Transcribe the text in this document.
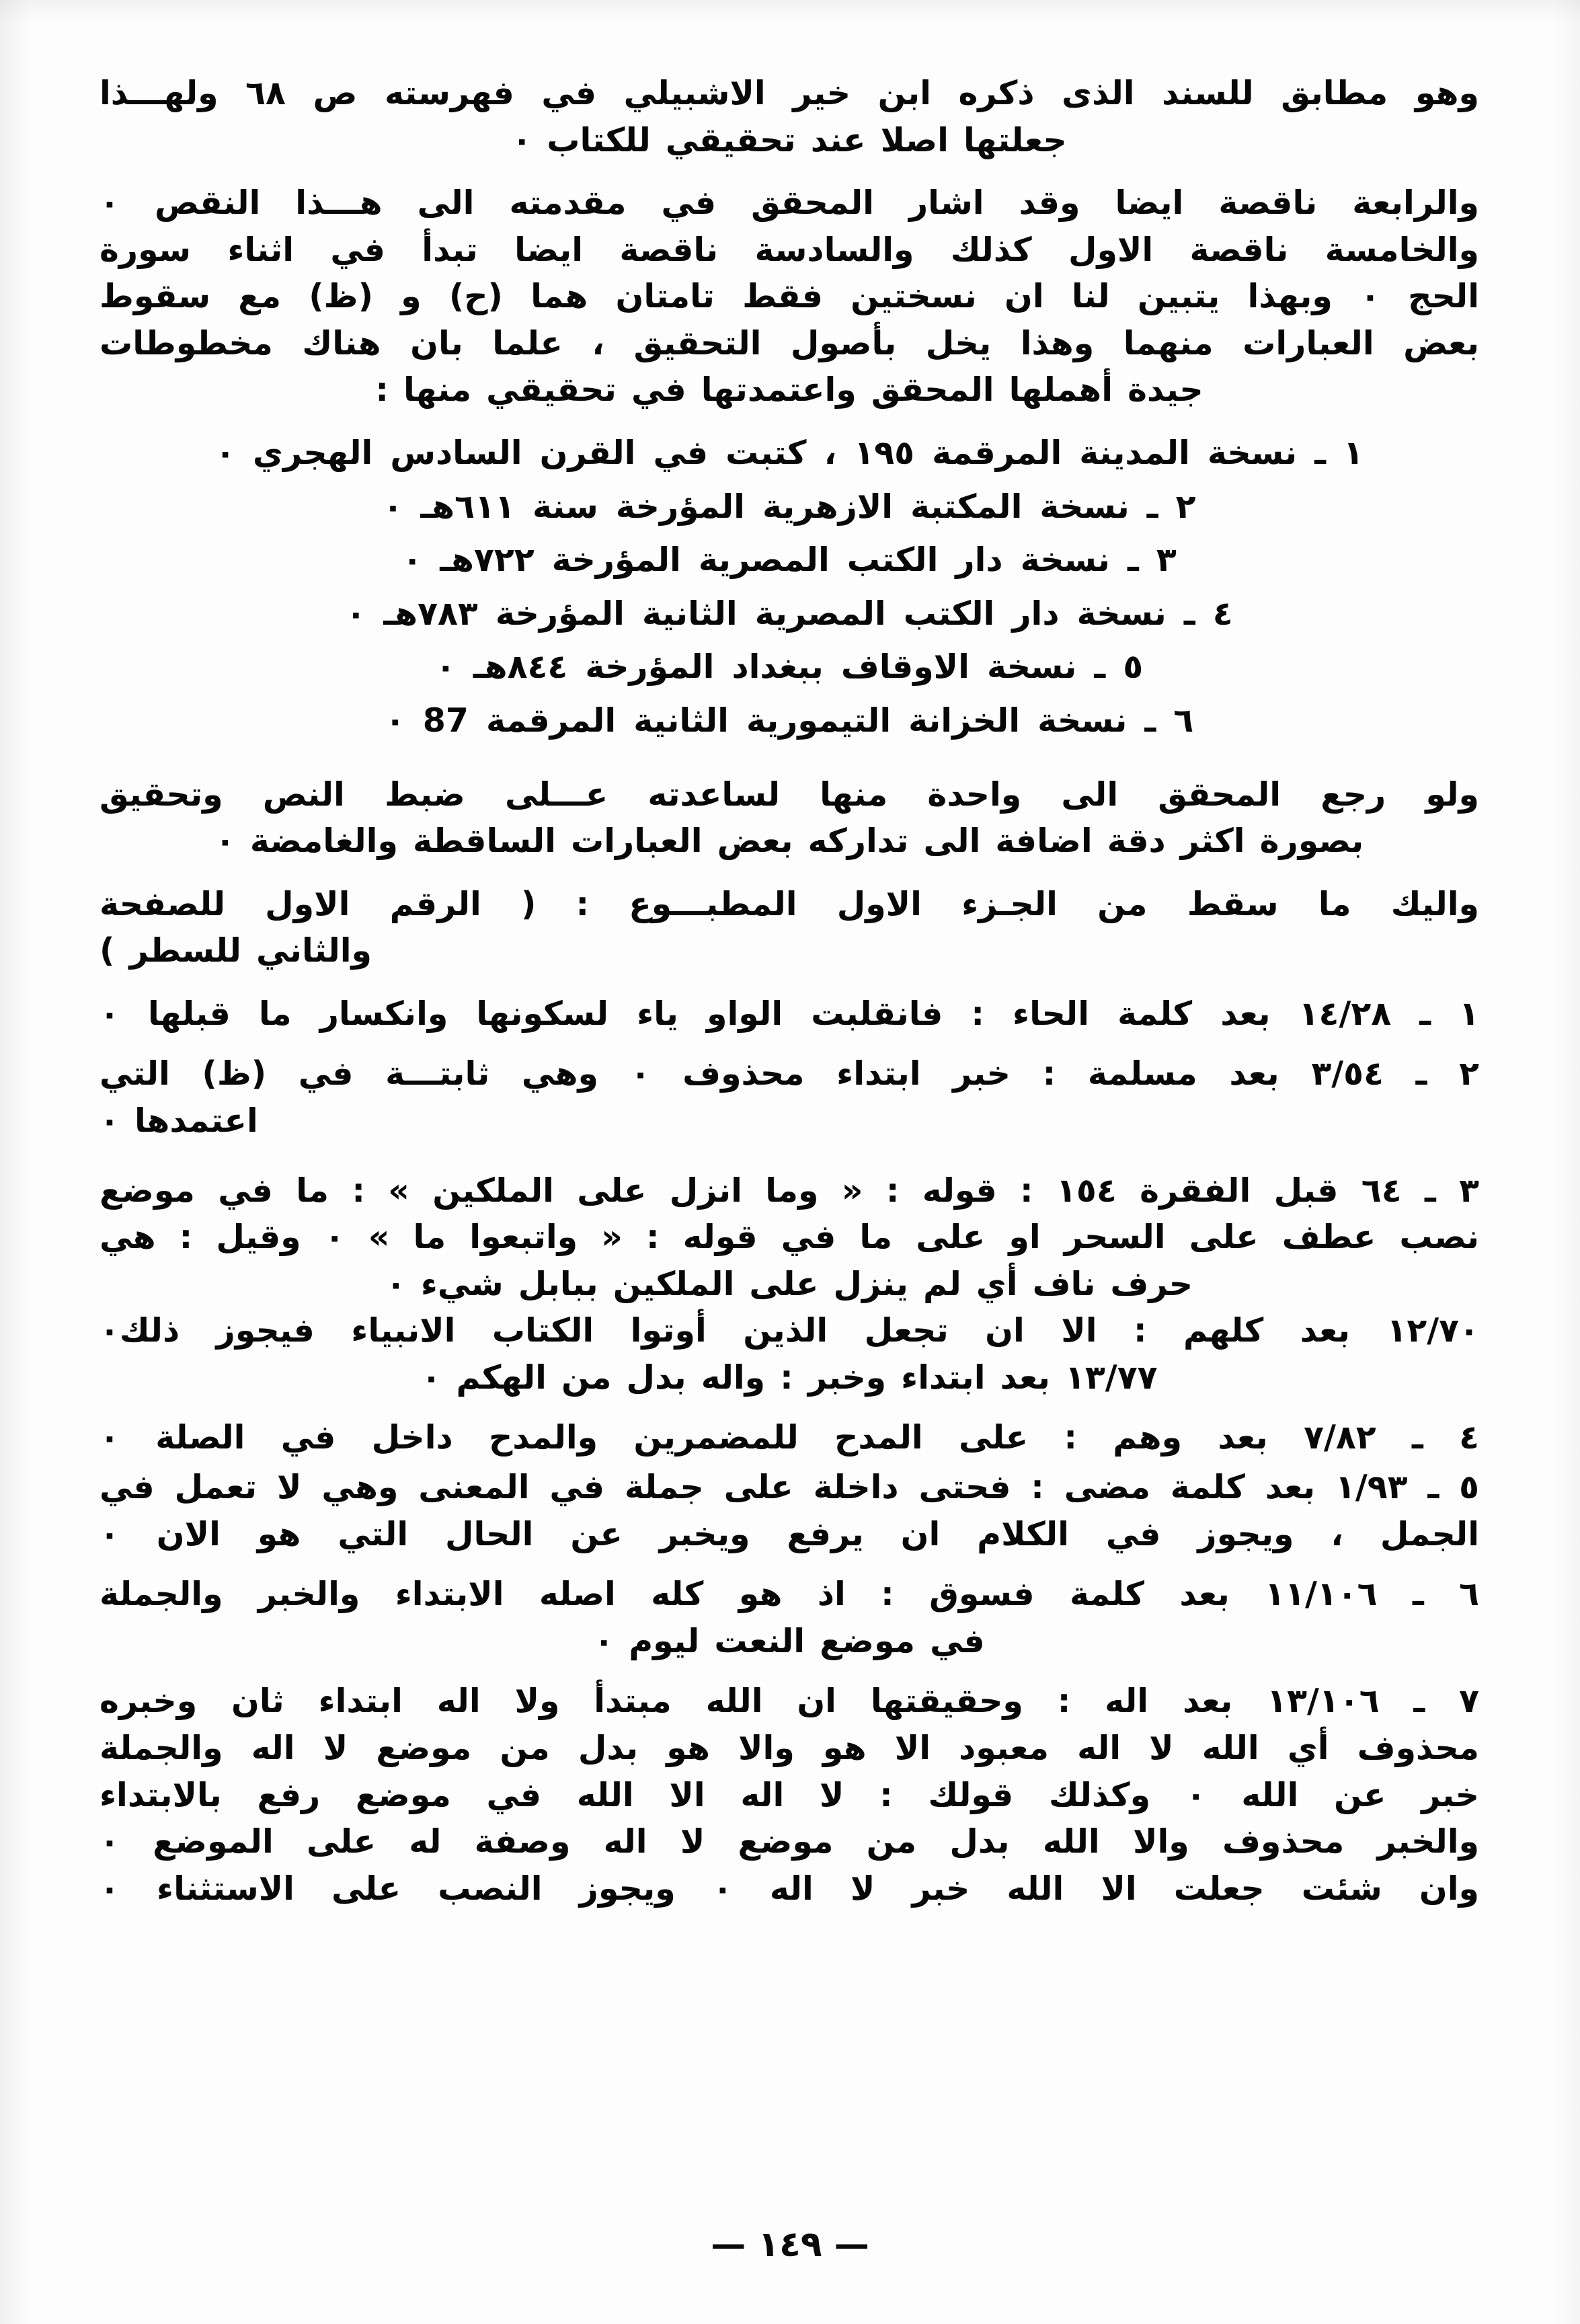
وهو مطابق للسند الذى ذكره ابن خير الاشبيلي في فهرسته ص ٦٨ ولهـــذا
جعلتها اصلا عند تحقيقي للكتاب ٠
والرابعة ناقصة ايضا وقد اشار المحقق في مقدمته الى هـــذا النقص ٠
والخامسة ناقصة الاول كذلك والسادسة ناقصة ايضا تبدأ في اثناء سورة
الحج ٠ وبهذا يتبين لنا ان نسختين فقط تامتان هما (ح) و (ظ) مع سقوط
بعض العبارات منهما وهذا يخل بأصول التحقيق ، علما بان هناك مخطوطات
جيدة أهملها المحقق واعتمدتها في تحقيقي منها :
١ ـ نسخة المدينة المرقمة ١٩٥ ، كتبت في القرن السادس الهجري ٠
٢ ـ نسخة المكتبة الازهرية المؤرخة سنة ٦١١هـ ٠
٣ ـ نسخة دار الكتب المصرية المؤرخة ٧٢٢هـ ٠
٤ ـ نسخة دار الكتب المصرية الثانية المؤرخة ٧٨٣هـ ٠
٥ ـ نسخة الاوقاف ببغداد المؤرخة ٨٤٤هـ ٠
٦ ـ نسخة الخزانة التيمورية الثانية المرقمة 87 ٠
ولو رجع المحقق الى واحدة منها لساعدته عـــلى ضبط النص وتحقيق
بصورة اكثر دقة اضافة الى تداركه بعض العبارات الساقطة والغامضة ٠
واليك ما سقط من الجـزء الاول المطبـــوع : ( الرقم الاول للصفحة
والثاني للسطر )
١ ـ ١٤/٢٨ بعد كلمة الحاء : فانقلبت الواو ياء لسكونها وانكسار ما قبلها ٠
٢ ـ ٣/٥٤ بعد مسلمة : خبر ابتداء محذوف ٠ وهي ثابتـــة في (ظ) التي
اعتمدها ٠
٣ ـ ٦٤ قبل الفقرة ١٥٤ : قوله : « وما انزل على الملكين » : ما في موضع
نصب عطف على السحر او على ما في قوله : « واتبعوا ما » ٠ وقيل : هي
حرف ناف أي لم ينزل على الملكين ببابل شيء ٠
١٢/٧٠ بعد كلهم : الا ان تجعل الذين أوتوا الكتاب الانبياء فيجوز ذلك٠
١٣/٧٧ بعد ابتداء وخبر : واله بدل من الهكم ٠
٤ ـ ٧/٨٢ بعد وهم : على المدح للمضمرين والمدح داخل في الصلة ٠
٥ ـ ١/٩٣ بعد كلمة مضى : فحتى داخلة على جملة في المعنى وهي لا تعمل في
الجمل ، ويجوز في الكلام ان يرفع ويخبر عن الحال التي هو الان ٠
٦ ـ ١١/١٠٦ بعد كلمة فسوق : اذ هو كله اصله الابتداء والخبر والجملة
في موضع النعت ليوم ٠
٧ ـ ١٣/١٠٦ بعد اله : وحقيقتها ان الله مبتدأ ولا اله ابتداء ثان وخبره
محذوف أي الله لا اله معبود الا هو والا هو بدل من موضع لا اله والجملة
خبر عن الله ٠ وكذلك قولك : لا اله الا الله في موضع رفع بالابتداء
والخبر محذوف والا الله بدل من موضع لا اله وصفة له على الموضع ٠
وان شئت جعلت الا الله خبر لا اله ٠ ويجوز النصب على الاستثناء ٠
— ١٤٩ —
